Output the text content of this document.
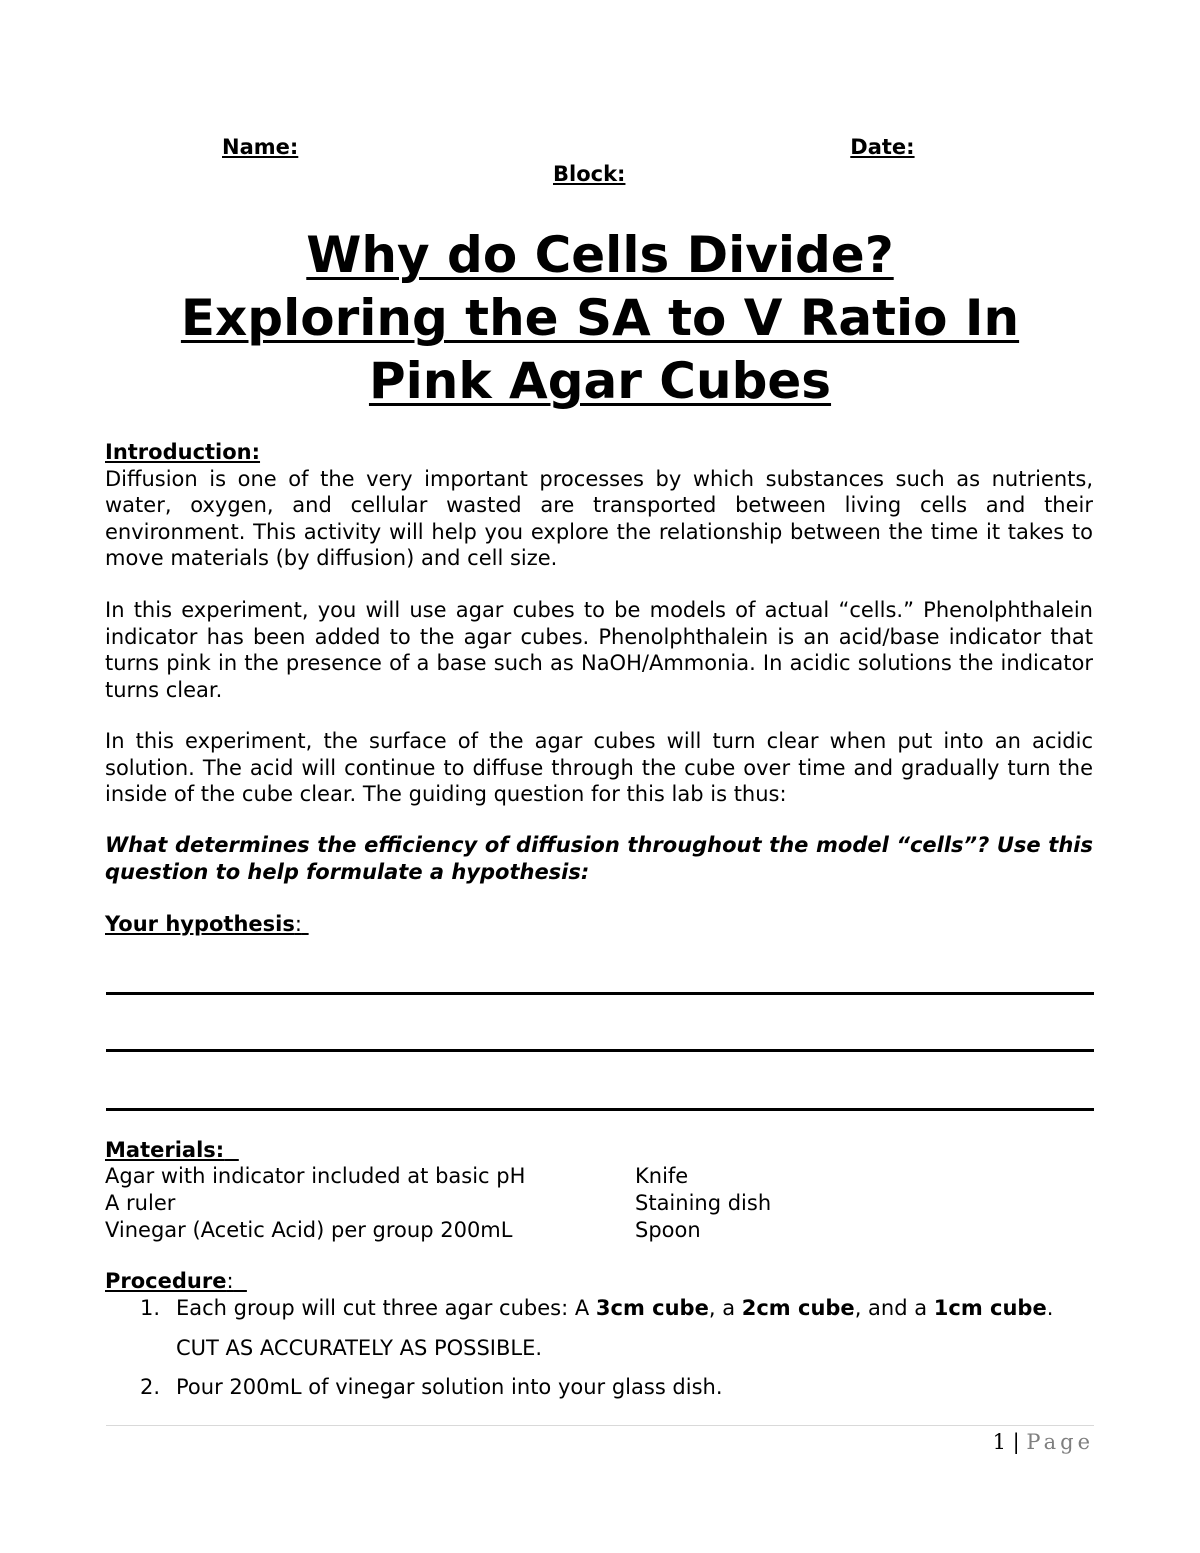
Name:	Date:
Block:
Why do Cells Divide?
Exploring the SA to V Ratio In
Pink Agar Cubes
Introduction:
Diffusion is one of the very important processes by which substances such as nutrients, water, oxygen, and cellular wasted are transported between living cells and their environment. This activity will help you explore the relationship between the time it takes to move materials (by diffusion) and cell size.
In this experiment, you will use agar cubes to be models of actual “cells.” Phenolphthalein indicator has been added to the agar cubes. Phenolphthalein is an acid/base indicator that turns pink in the presence of a base such as NaOH/Ammonia. In acidic solutions the indicator turns clear.
In this experiment, the surface of the agar cubes will turn clear when put into an acidic solution. The acid will continue to diffuse through the cube over time and gradually turn the inside of the cube clear. The guiding question for this lab is thus:
What determines the efficiency of diffusion throughout the model “cells”? Use this question to help formulate a hypothesis:
Your hypothesis:
Materials:
Agar with indicator included at basic pH
A ruler
Vinegar (Acetic Acid) per group 200mL
Knife
Staining dish
Spoon
Procedure:
1. Each group will cut three agar cubes: A 3cm cube, a 2cm cube, and a 1cm cube. CUT AS ACCURATELY AS POSSIBLE.
2. Pour 200mL of vinegar solution into your glass dish.
1 | Page
